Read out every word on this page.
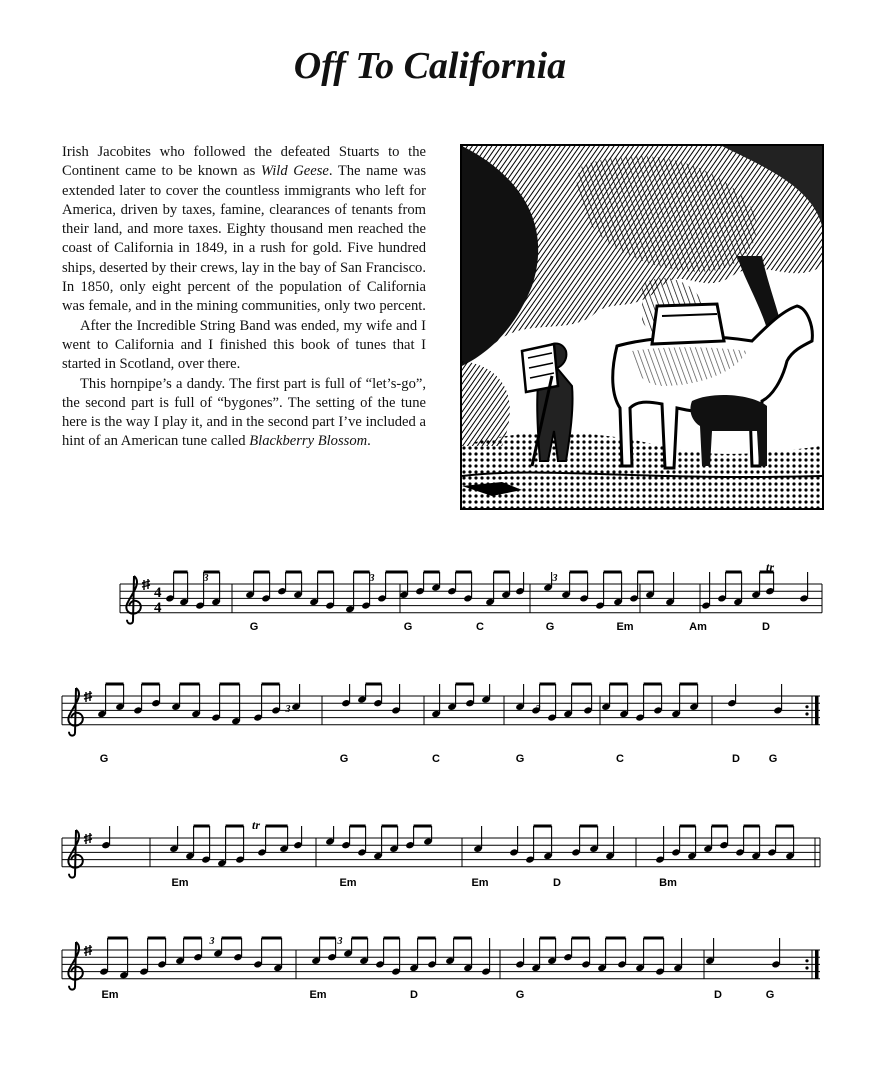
Off To California

Irish Jacobites who followed the defeated Stuarts to the Continent came to be known as Wild Geese. The name was extended later to cover the countless immigrants who left for America, driven by taxes, famine, clearances of tenants from their land, and more taxes. Eighty thousand men reached the coast of California in 1849, in a rush for gold. Five hundred ships, deserted by their crews, lay in the bay of San Francisco. In 1850, only eight percent of the population of California was female, and in the mining communities, only two percent.

After the Incredible String Band was ended, my wife and I went to California and I finished this book of tunes that I started in Scotland, over there.

This hornpipe’s a dandy. The first part is full of “let’s-go”, the second part is full of “bygones”. The setting of the tune here is the way I play it, and in the second part I’ve included a hint of an American tune called Blackberry Blossom.

4
4
G	G	C	G	Em	Am	D
3	3	3
tr
G	G	C	G	C	D	G
3	3
Em	Em	Em	D	Bm
tr
Em	Em	D	G	D	G
3	3
